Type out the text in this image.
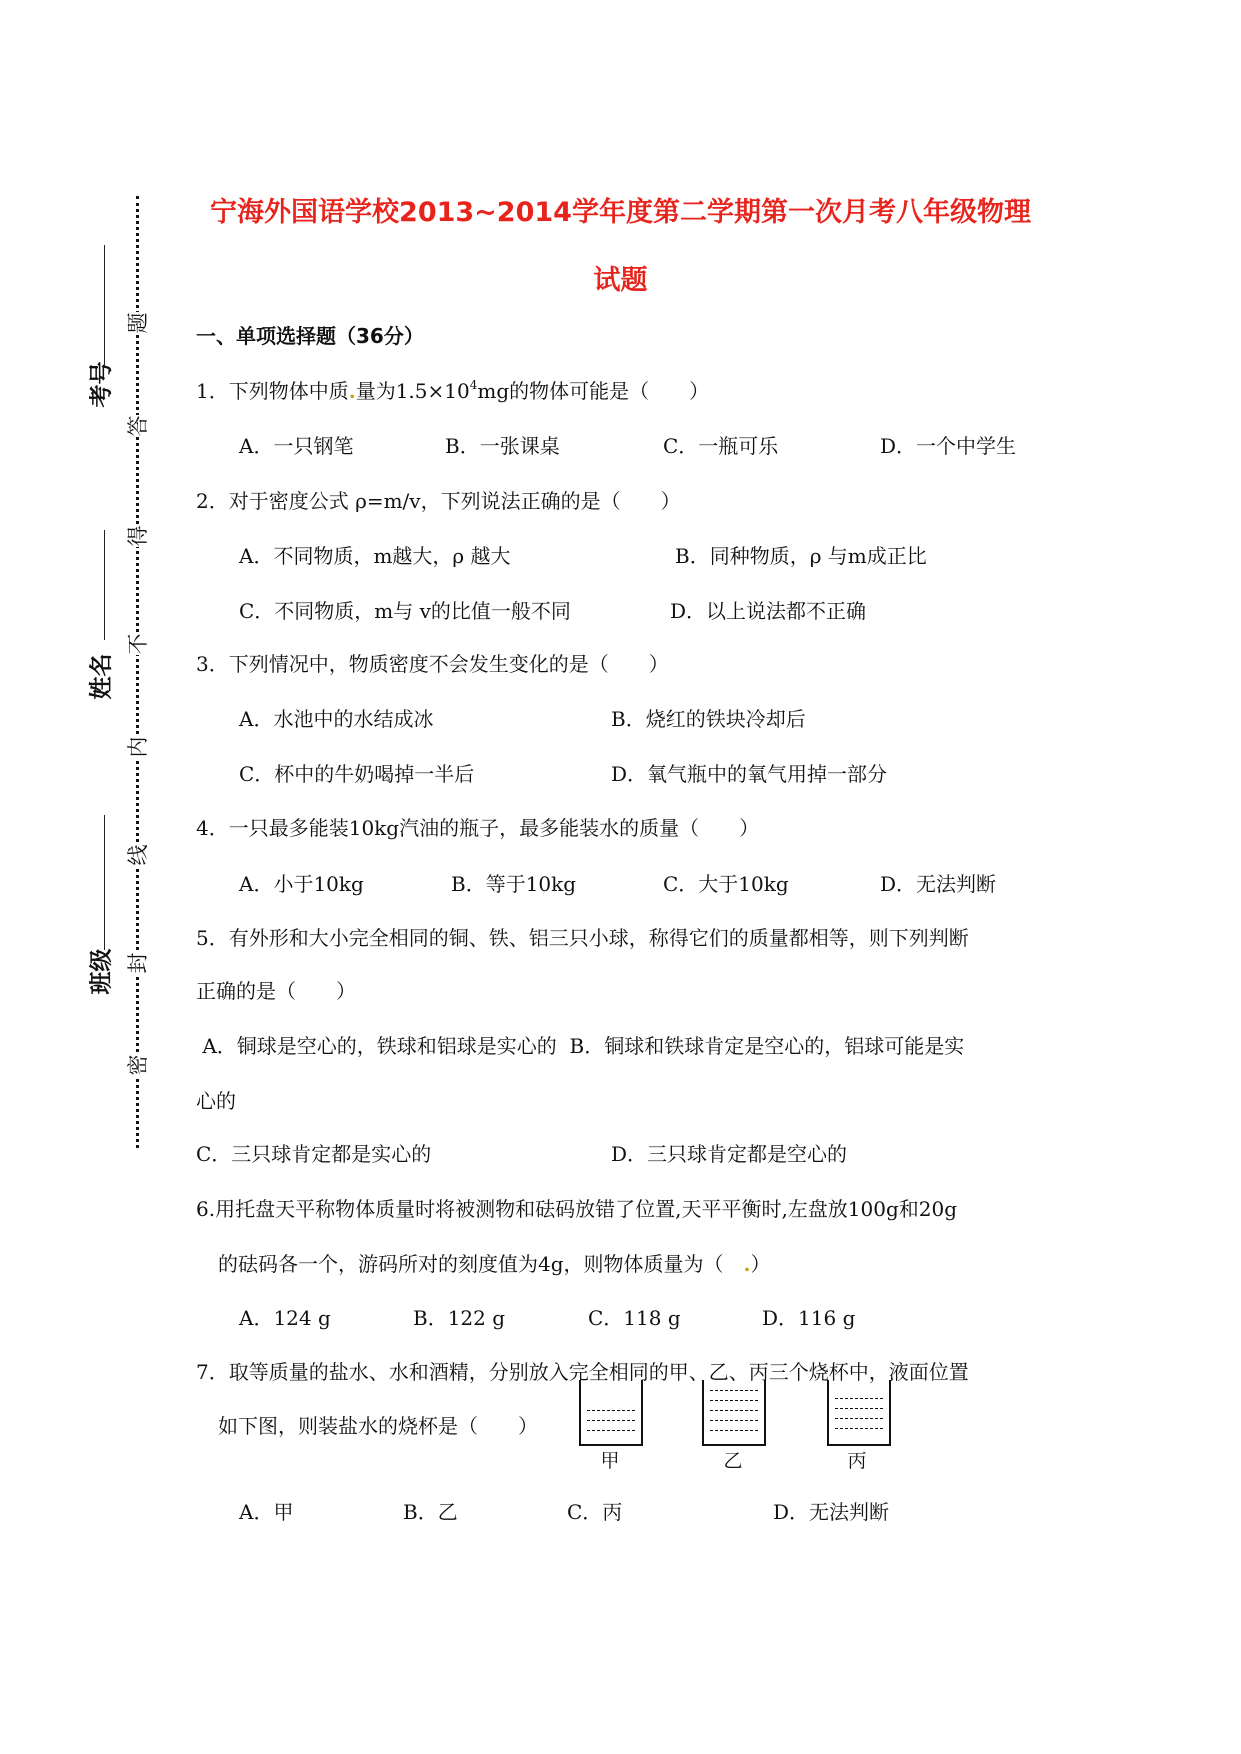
题
答
得
不
内
线
封
密
考号
姓名
班级
宁海外国语学校2013~2014学年度第二学期第一次月考八年级物理
试题
一、单项选择题（36分）
1．下列物体中质.量为$1.5\times 10^4mg$的物体可能是（　　）
A．一只钢笔	B．一张课桌	C．一瓶可乐	D．一个中学生
2．对于密度公式 ρ=m/v，下列说法正确的是（　　）
A．不同物质，m越大，ρ 越大	B．同种物质，ρ 与m成正比
C．不同物质，m与 v的比值一般不同	D．以上说法都不正确
3．下列情况中，物质密度不会发生变化的是（　　）
A．水池中的水结成冰	B．烧红的铁块冷却后
C．杯中的牛奶喝掉一半后	D．氧气瓶中的氧气用掉一部分
4．一只最多能装10kg汽油的瓶子，最多能装水的质量（　　）
A．小于10kg	B．等于10kg	C．大于10kg	D．无法判断
5．有外形和大小完全相同的铜、铁、铝三只小球，称得它们的质量都相等，则下列判断
正确的是（　　）
A．铜球是空心的，铁球和铝球是实心的  B．铜球和铁球肯定是空心的，铝球可能是实
心的
C．三只球肯定都是实心的	D．三只球肯定都是空心的
6.用托盘天平称物体质量时将被测物和砝码放错了位置,天平平衡时,左盘放100g和20g
的砝码各一个，游码所对的刻度值为4g，则物体质量为（　.）
A．124 g	B．122 g	C．118 g	D．116 g
7．取等质量的盐水、水和酒精，分别放入完全相同的甲、乙、丙三个烧杯中，液面位置
如下图，则装盐水的烧杯是（　　）
甲	乙	丙
A．甲	B．乙	C．丙	D．无法判断
